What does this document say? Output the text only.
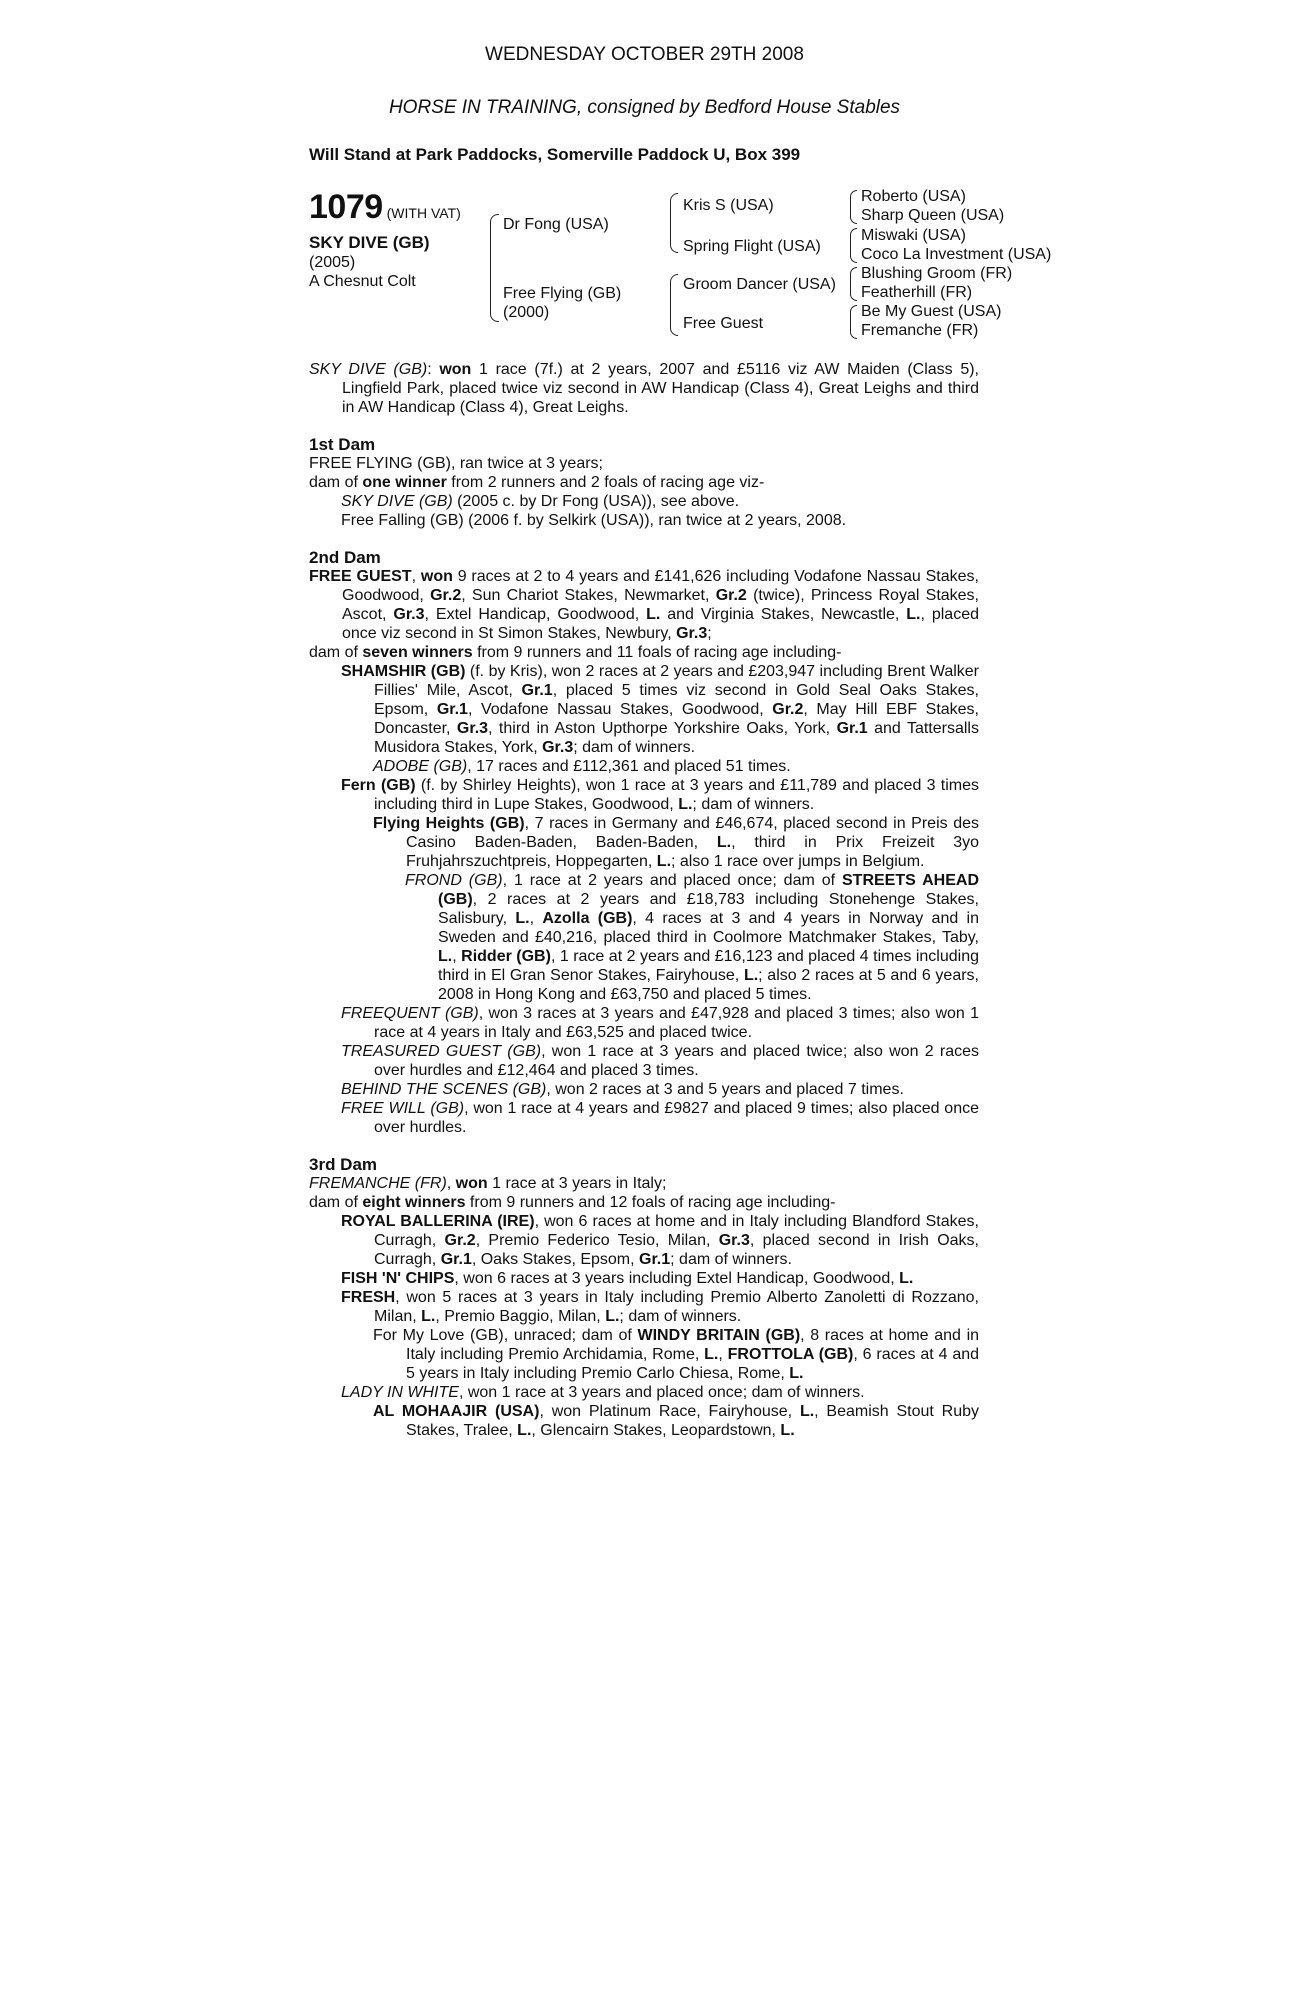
WEDNESDAY OCTOBER 29TH 2008
HORSE IN TRAINING, consigned by Bedford House Stables
Will Stand at Park Paddocks, Somerville Paddock U, Box 399
1079 (WITH VAT)
SKY DIVE (GB)
(2005)
A Chesnut Colt
Dr Fong (USA)
Free Flying (GB)
(2000)
Kris S (USA)
Spring Flight (USA)
Groom Dancer (USA)
Free Guest
Roberto (USA)
Sharp Queen (USA)
Miswaki (USA)
Coco La Investment (USA)
Blushing Groom (FR)
Featherhill (FR)
Be My Guest (USA)
Fremanche (FR)
SKY DIVE (GB): won 1 race (7f.) at 2 years, 2007 and £5116 viz AW Maiden (Class 5), Lingfield Park, placed twice viz second in AW Handicap (Class 4), Great Leighs and third in AW Handicap (Class 4), Great Leighs.
1st Dam
FREE FLYING (GB), ran twice at 3 years;
dam of one winner from 2 runners and 2 foals of racing age viz-
SKY DIVE (GB) (2005 c. by Dr Fong (USA)), see above.
Free Falling (GB) (2006 f. by Selkirk (USA)), ran twice at 2 years, 2008.
2nd Dam
FREE GUEST, won 9 races at 2 to 4 years and £141,626 including Vodafone Nassau Stakes, Goodwood, Gr.2, Sun Chariot Stakes, Newmarket, Gr.2 (twice), Princess Royal Stakes, Ascot, Gr.3, Extel Handicap, Goodwood, L. and Virginia Stakes, Newcastle, L., placed once viz second in St Simon Stakes, Newbury, Gr.3;
dam of seven winners from 9 runners and 11 foals of racing age including-
SHAMSHIR (GB) (f. by Kris), won 2 races at 2 years and £203,947 including Brent Walker Fillies' Mile, Ascot, Gr.1, placed 5 times viz second in Gold Seal Oaks Stakes, Epsom, Gr.1, Vodafone Nassau Stakes, Goodwood, Gr.2, May Hill EBF Stakes, Doncaster, Gr.3, third in Aston Upthorpe Yorkshire Oaks, York, Gr.1 and Tattersalls Musidora Stakes, York, Gr.3; dam of winners.
ADOBE (GB), 17 races and £112,361 and placed 51 times.
Fern (GB) (f. by Shirley Heights), won 1 race at 3 years and £11,789 and placed 3 times including third in Lupe Stakes, Goodwood, L.; dam of winners.
Flying Heights (GB), 7 races in Germany and £46,674, placed second in Preis des Casino Baden-Baden, Baden-Baden, L., third in Prix Freizeit 3yo Fruhjahrszuchtpreis, Hoppegarten, L.; also 1 race over jumps in Belgium.
FROND (GB), 1 race at 2 years and placed once; dam of STREETS AHEAD (GB), 2 races at 2 years and £18,783 including Stonehenge Stakes, Salisbury, L., Azolla (GB), 4 races at 3 and 4 years in Norway and in Sweden and £40,216, placed third in Coolmore Matchmaker Stakes, Taby, L., Ridder (GB), 1 race at 2 years and £16,123 and placed 4 times including third in El Gran Senor Stakes, Fairyhouse, L.; also 2 races at 5 and 6 years, 2008 in Hong Kong and £63,750 and placed 5 times.
FREEQUENT (GB), won 3 races at 3 years and £47,928 and placed 3 times; also won 1 race at 4 years in Italy and £63,525 and placed twice.
TREASURED GUEST (GB), won 1 race at 3 years and placed twice; also won 2 races over hurdles and £12,464 and placed 3 times.
BEHIND THE SCENES (GB), won 2 races at 3 and 5 years and placed 7 times.
FREE WILL (GB), won 1 race at 4 years and £9827 and placed 9 times; also placed once over hurdles.
3rd Dam
FREMANCHE (FR), won 1 race at 3 years in Italy;
dam of eight winners from 9 runners and 12 foals of racing age including-
ROYAL BALLERINA (IRE), won 6 races at home and in Italy including Blandford Stakes, Curragh, Gr.2, Premio Federico Tesio, Milan, Gr.3, placed second in Irish Oaks, Curragh, Gr.1, Oaks Stakes, Epsom, Gr.1; dam of winners.
FISH 'N' CHIPS, won 6 races at 3 years including Extel Handicap, Goodwood, L.
FRESH, won 5 races at 3 years in Italy including Premio Alberto Zanoletti di Rozzano, Milan, L., Premio Baggio, Milan, L.; dam of winners.
For My Love (GB), unraced; dam of WINDY BRITAIN (GB), 8 races at home and in Italy including Premio Archidamia, Rome, L., FROTTOLA (GB), 6 races at 4 and 5 years in Italy including Premio Carlo Chiesa, Rome, L.
LADY IN WHITE, won 1 race at 3 years and placed once; dam of winners.
AL MOHAAJIR (USA), won Platinum Race, Fairyhouse, L., Beamish Stout Ruby Stakes, Tralee, L., Glencairn Stakes, Leopardstown, L.
